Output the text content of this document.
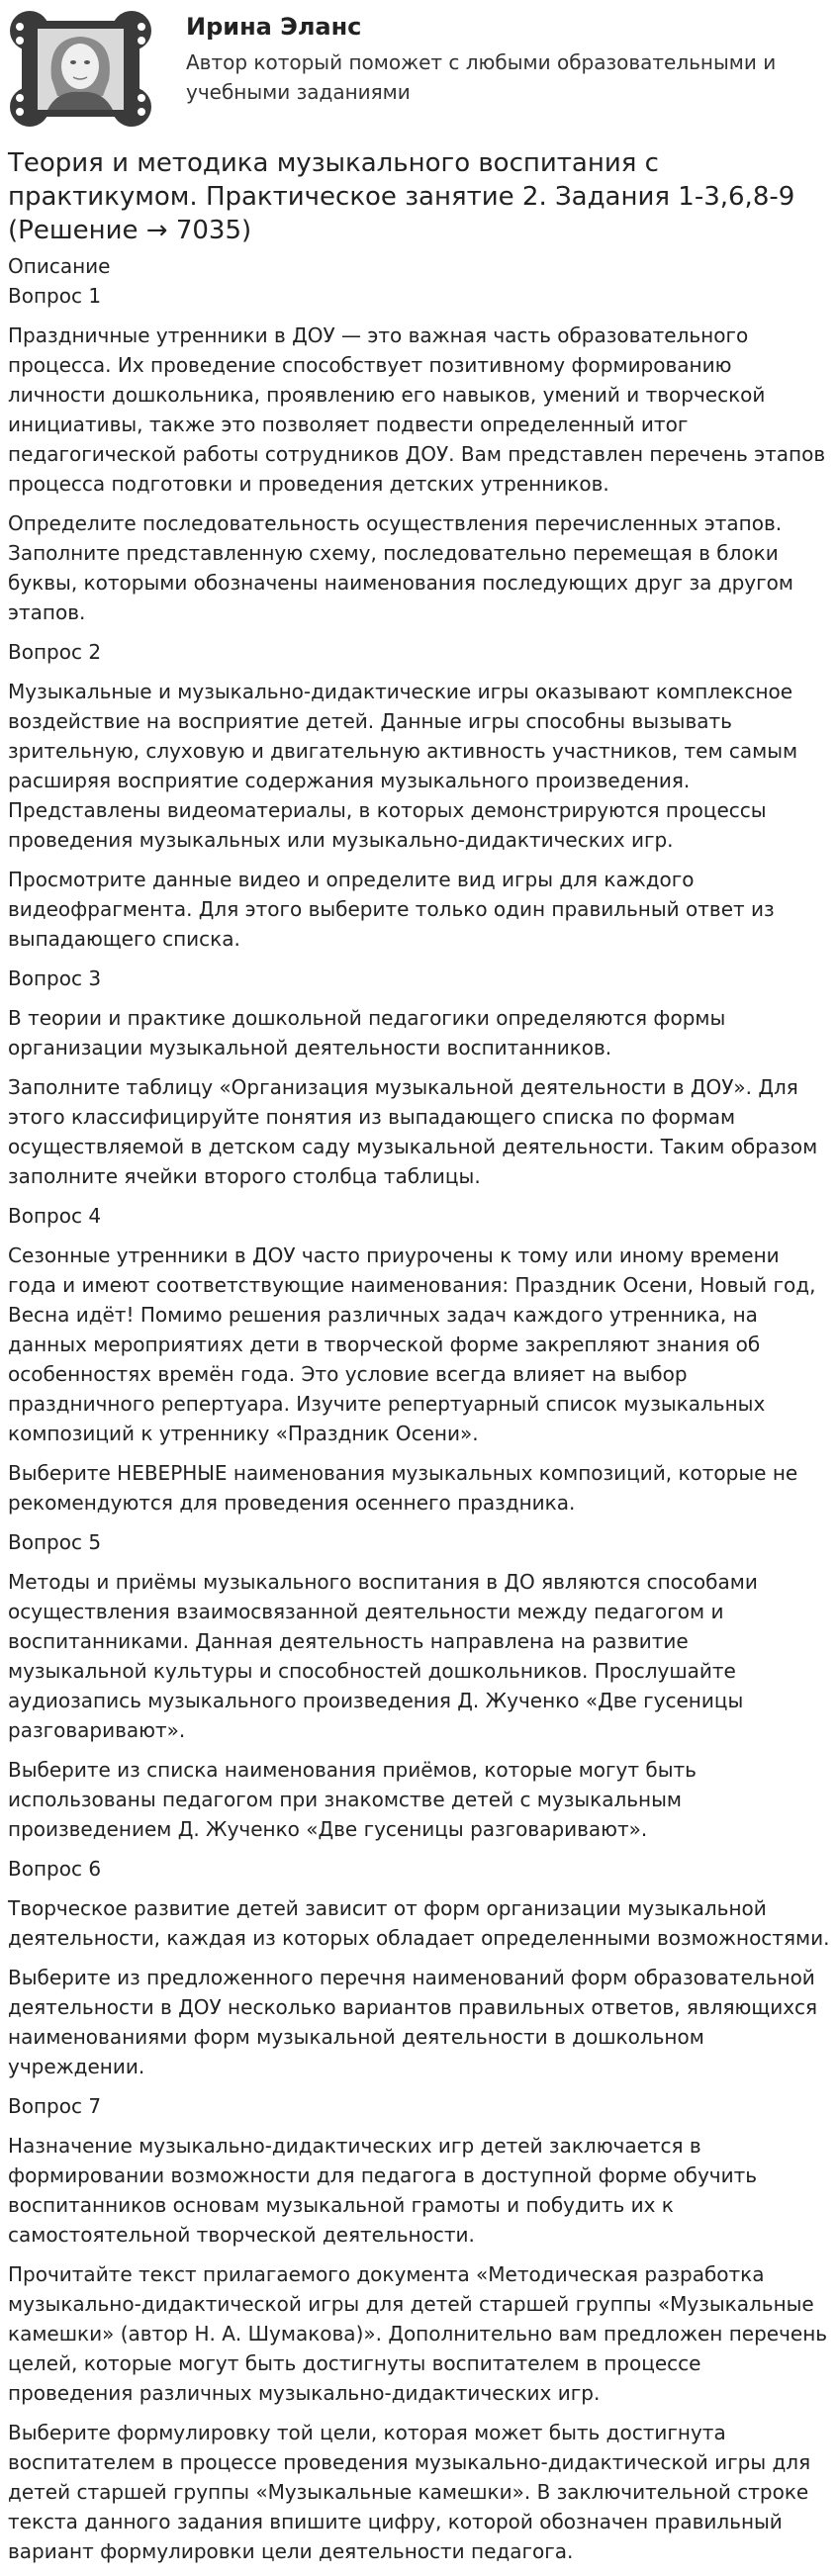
Ирина Эланс

Автор который поможет с любыми образовательными и учебными заданиями

Теория и методика музыкального воспитания с практикумом. Практическое занятие 2. Задания 1-3,6,8-9 (Решение → 7035)

Описание

Вопрос 1

Праздничные утренники в ДОУ — это важная часть образовательного процесса. Их проведение способствует позитивному формированию личности дошкольника, проявлению его навыков, умений и творческой инициативы, также это позволяет подвести определенный итог педагогической работы сотрудников ДОУ. Вам представлен перечень этапов процесса подготовки и проведения детских утренников.

Определите последовательность осуществления перечисленных этапов. Заполните представленную схему, последовательно перемещая в блоки буквы, которыми обозначены наименования последующих друг за другом этапов.

Вопрос 2

Музыкальные и музыкально-дидактические игры оказывают комплексное воздействие на восприятие детей. Данные игры способны вызывать зрительную, слуховую и двигательную активность участников, тем самым расширяя восприятие содержания музыкального произведения. Представлены видеоматериалы, в которых демонстрируются процессы проведения музыкальных или музыкально-дидактических игр.

Просмотрите данные видео и определите вид игры для каждого видеофрагмента. Для этого выберите только один правильный ответ из выпадающего списка.

Вопрос 3

В теории и практике дошкольной педагогики определяются формы организации музыкальной деятельности воспитанников.

Заполните таблицу «Организация музыкальной деятельности в ДОУ». Для этого классифицируйте понятия из выпадающего списка по формам осуществляемой в детском саду музыкальной деятельности. Таким образом заполните ячейки второго столбца таблицы.

Вопрос 4

Сезонные утренники в ДОУ часто приурочены к тому или иному времени года и имеют соответствующие наименования: Праздник Осени, Новый год, Весна идёт! Помимо решения различных задач каждого утренника, на данных мероприятиях дети в творческой форме закрепляют знания об особенностях времён года. Это условие всегда влияет на выбор праздничного репертуара. Изучите репертуарный список музыкальных композиций к утреннику «Праздник Осени».

Выберите НЕВЕРНЫЕ наименования музыкальных композиций, которые не рекомендуются для проведения осеннего праздника.

Вопрос 5

Методы и приёмы музыкального воспитания в ДО являются способами осуществления взаимосвязанной деятельности между педагогом и воспитанниками. Данная деятельность направлена на развитие музыкальной культуры и способностей дошкольников. Прослушайте аудиозапись музыкального произведения Д. Жученко «Две гусеницы разговаривают».

Выберите из списка наименования приёмов, которые могут быть использованы педагогом при знакомстве детей с музыкальным произведением Д. Жученко «Две гусеницы разговаривают».

Вопрос 6

Творческое развитие детей зависит от форм организации музыкальной деятельности, каждая из которых обладает определенными возможностями.

Выберите из предложенного перечня наименований форм образовательной деятельности в ДОУ несколько вариантов правильных ответов, являющихся наименованиями форм музыкальной деятельности в дошкольном учреждении.

Вопрос 7

Назначение музыкально-дидактических игр детей заключается в формировании возможности для педагога в доступной форме обучить воспитанников основам музыкальной грамоты и побудить их к самостоятельной творческой деятельности.

Прочитайте текст прилагаемого документа «Методическая разработка музыкально-дидактической игры для детей старшей группы «Музыкальные камешки» (автор Н. А. Шумакова)». Дополнительно вам предложен перечень целей, которые могут быть достигнуты воспитателем в процессе проведения различных музыкально-дидактических игр.

Выберите формулировку той цели, которая может быть достигнута воспитателем в процессе проведения музыкально-дидактической игры для детей старшей группы «Музыкальные камешки». В заключительной строке текста данного задания впишите цифру, которой обозначен правильный вариант формулировки цели деятельности педагога.
